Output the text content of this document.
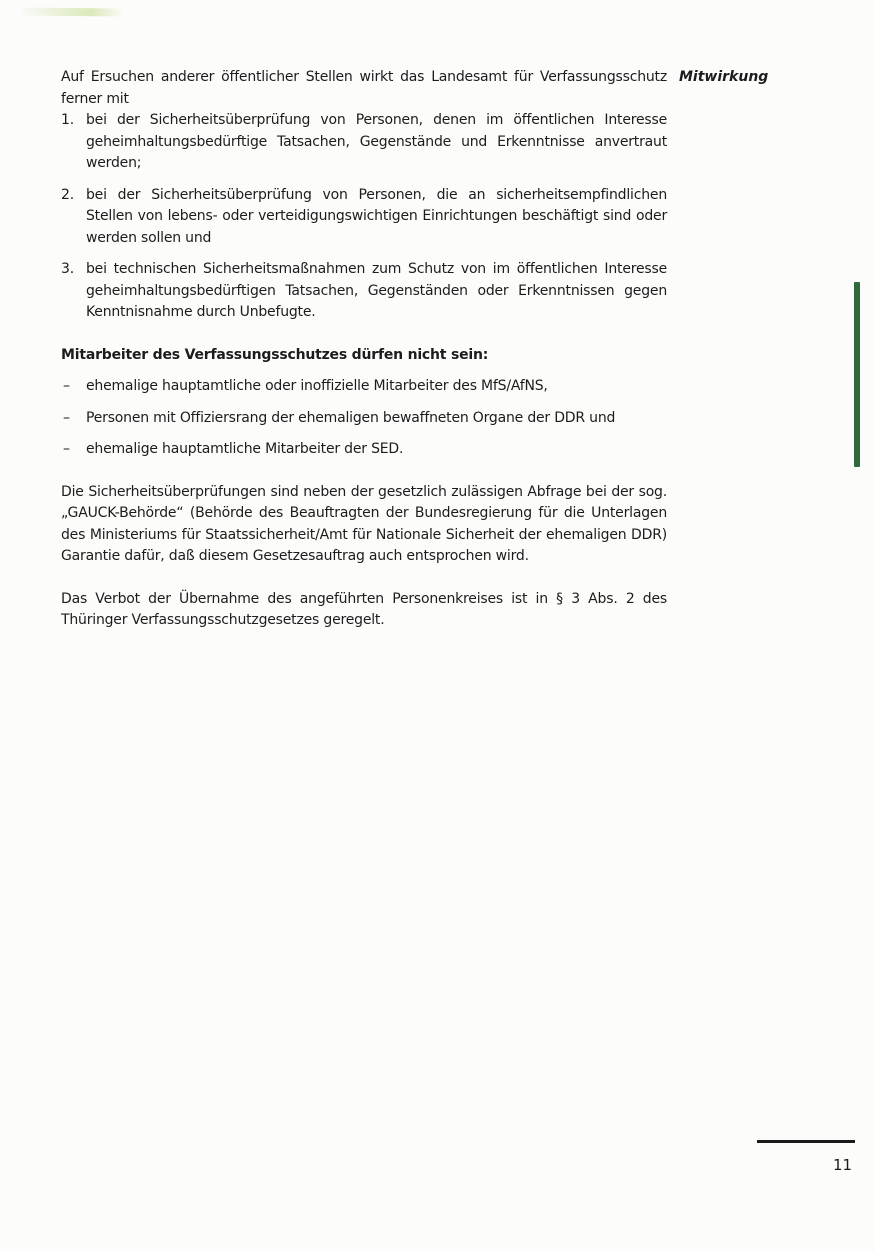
Mitwirkung

Auf Ersuchen anderer öffentlicher Stellen wirkt das Landesamt für Verfassungsschutz ferner mit

1. bei der Sicherheitsüberprüfung von Personen, denen im öffentlichen Interesse geheimhaltungsbedürftige Tatsachen, Gegenstände und Erkenntnisse anvertraut werden;
2. bei der Sicherheitsüberprüfung von Personen, die an sicherheitsempfindlichen Stellen von lebens- oder verteidigungswichtigen Einrichtungen beschäftigt sind oder werden sollen und
3. bei technischen Sicherheitsmaßnahmen zum Schutz von im öffentlichen Interesse geheimhaltungsbedürftigen Tatsachen, Gegenständen oder Erkenntnissen gegen Kenntnisnahme durch Unbefugte.

Mitarbeiter des Verfassungsschutzes dürfen nicht sein:

– ehemalige hauptamtliche oder inoffizielle Mitarbeiter des MfS/AfNS,
– Personen mit Offiziersrang der ehemaligen bewaffneten Organe der DDR und
– ehemalige hauptamtliche Mitarbeiter der SED.

Die Sicherheitsüberprüfungen sind neben der gesetzlich zulässigen Abfrage bei der sog. „GAUCK-Behörde“ (Behörde des Beauftragten der Bundesregierung für die Unterlagen des Ministeriums für Staatssicherheit/Amt für Nationale Sicherheit der ehemaligen DDR) Garantie dafür, daß diesem Gesetzesauftrag auch entsprochen wird.

Das Verbot der Übernahme des angeführten Personenkreises ist in § 3 Abs. 2 des Thüringer Verfassungsschutzgesetzes geregelt.

11
